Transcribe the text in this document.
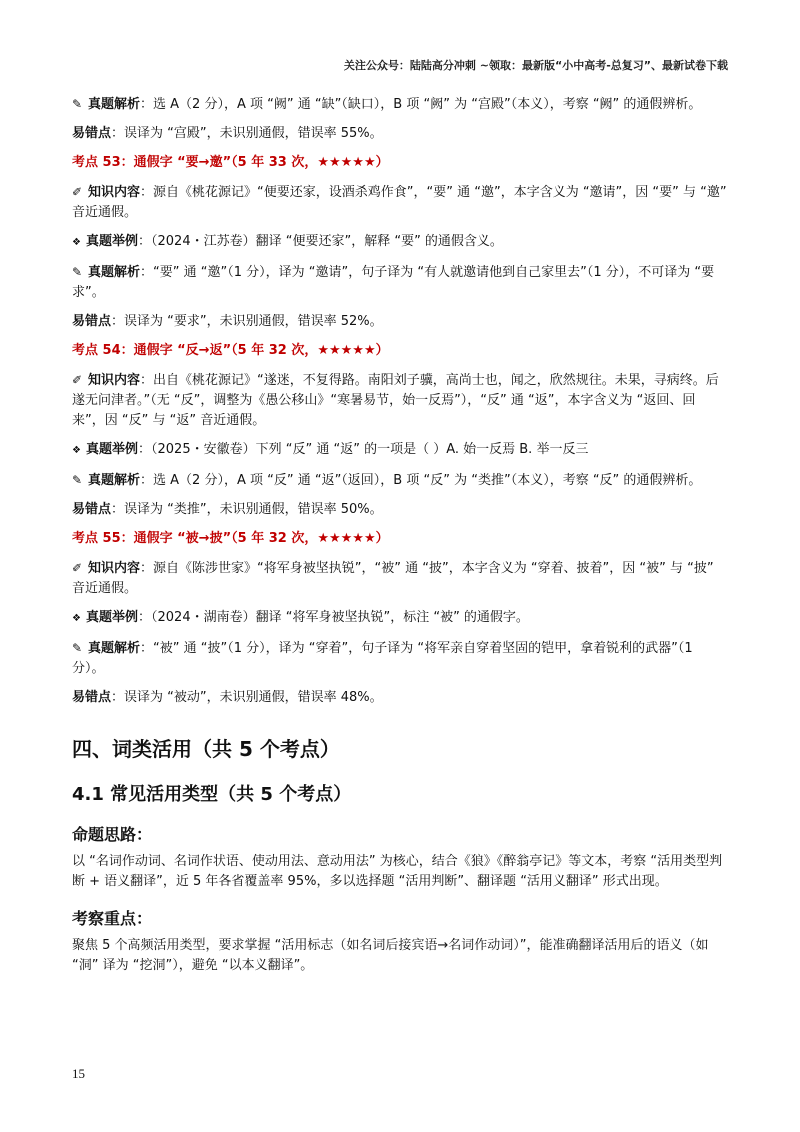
关注公众号：陆陆高分冲刺 ~领取：最新版“小中高考-总复习”、最新试卷下载
✎ 真题解析：选 A（2 分），A 项 “阙” 通 “缺”（缺口），B 项 “阙” 为 “宫殿”（本义），考察 “阙” 的通假辨析。
易错点：误译为 “宫殿”，未识别通假，错误率 55%。
考点 53：通假字 “要→邀”（5 年 33 次，★★★★★）
✐ 知识内容：源自《桃花源记》“便要还家，设酒杀鸡作食”，“要” 通 “邀”，本字含义为 “邀请”，因 “要” 与 “邀” 音近通假。
❖ 真题举例：（2024・江苏卷）翻译 “便要还家”，解释 “要” 的通假含义。
✎ 真题解析：“要” 通 “邀”（1 分），译为 “邀请”，句子译为 “有人就邀请他到自己家里去”（1 分），不可译为 “要求”。
易错点：误译为 “要求”，未识别通假，错误率 52%。
考点 54：通假字 “反→返”（5 年 32 次，★★★★★）
✐ 知识内容：出自《桃花源记》“遂迷，不复得路。南阳刘子骥，高尚士也，闻之，欣然规往。未果，寻病终。后遂无问津者。”（无 “反”，调整为《愚公移山》“寒暑易节，始一反焉”），“反” 通 “返”，本字含义为 “返回、回来”，因 “反” 与 “返” 音近通假。
❖ 真题举例：（2025・安徽卷）下列 “反” 通 “返” 的一项是（ ）A. 始一反焉 B. 举一反三
✎ 真题解析：选 A（2 分），A 项 “反” 通 “返”（返回），B 项 “反” 为 “类推”（本义），考察 “反” 的通假辨析。
易错点：误译为 “类推”，未识别通假，错误率 50%。
考点 55：通假字 “被→披”（5 年 32 次，★★★★★）
✐ 知识内容：源自《陈涉世家》“将军身被坚执锐”，“被” 通 “披”，本字含义为 “穿着、披着”，因 “被” 与 “披” 音近通假。
❖ 真题举例：（2024・湖南卷）翻译 “将军身被坚执锐”，标注 “被” 的通假字。
✎ 真题解析：“被” 通 “披”（1 分），译为 “穿着”，句子译为 “将军亲自穿着坚固的铠甲，拿着锐利的武器”（1 分）。
易错点：误译为 “被动”，未识别通假，错误率 48%。
四、词类活用（共 5 个考点）
4.1 常见活用类型（共 5 个考点）
命题思路：
以 “名词作动词、名词作状语、使动用法、意动用法” 为核心，结合《狼》《醉翁亭记》等文本，考察 “活用类型判断 + 语义翻译”，近 5 年各省覆盖率 95%，多以选择题 “活用判断”、翻译题 “活用义翻译” 形式出现。
考察重点：
聚焦 5 个高频活用类型，要求掌握 “活用标志（如名词后接宾语→名词作动词）”，能准确翻译活用后的语义（如 “洞” 译为 “挖洞”），避免 “以本义翻译”。
15
